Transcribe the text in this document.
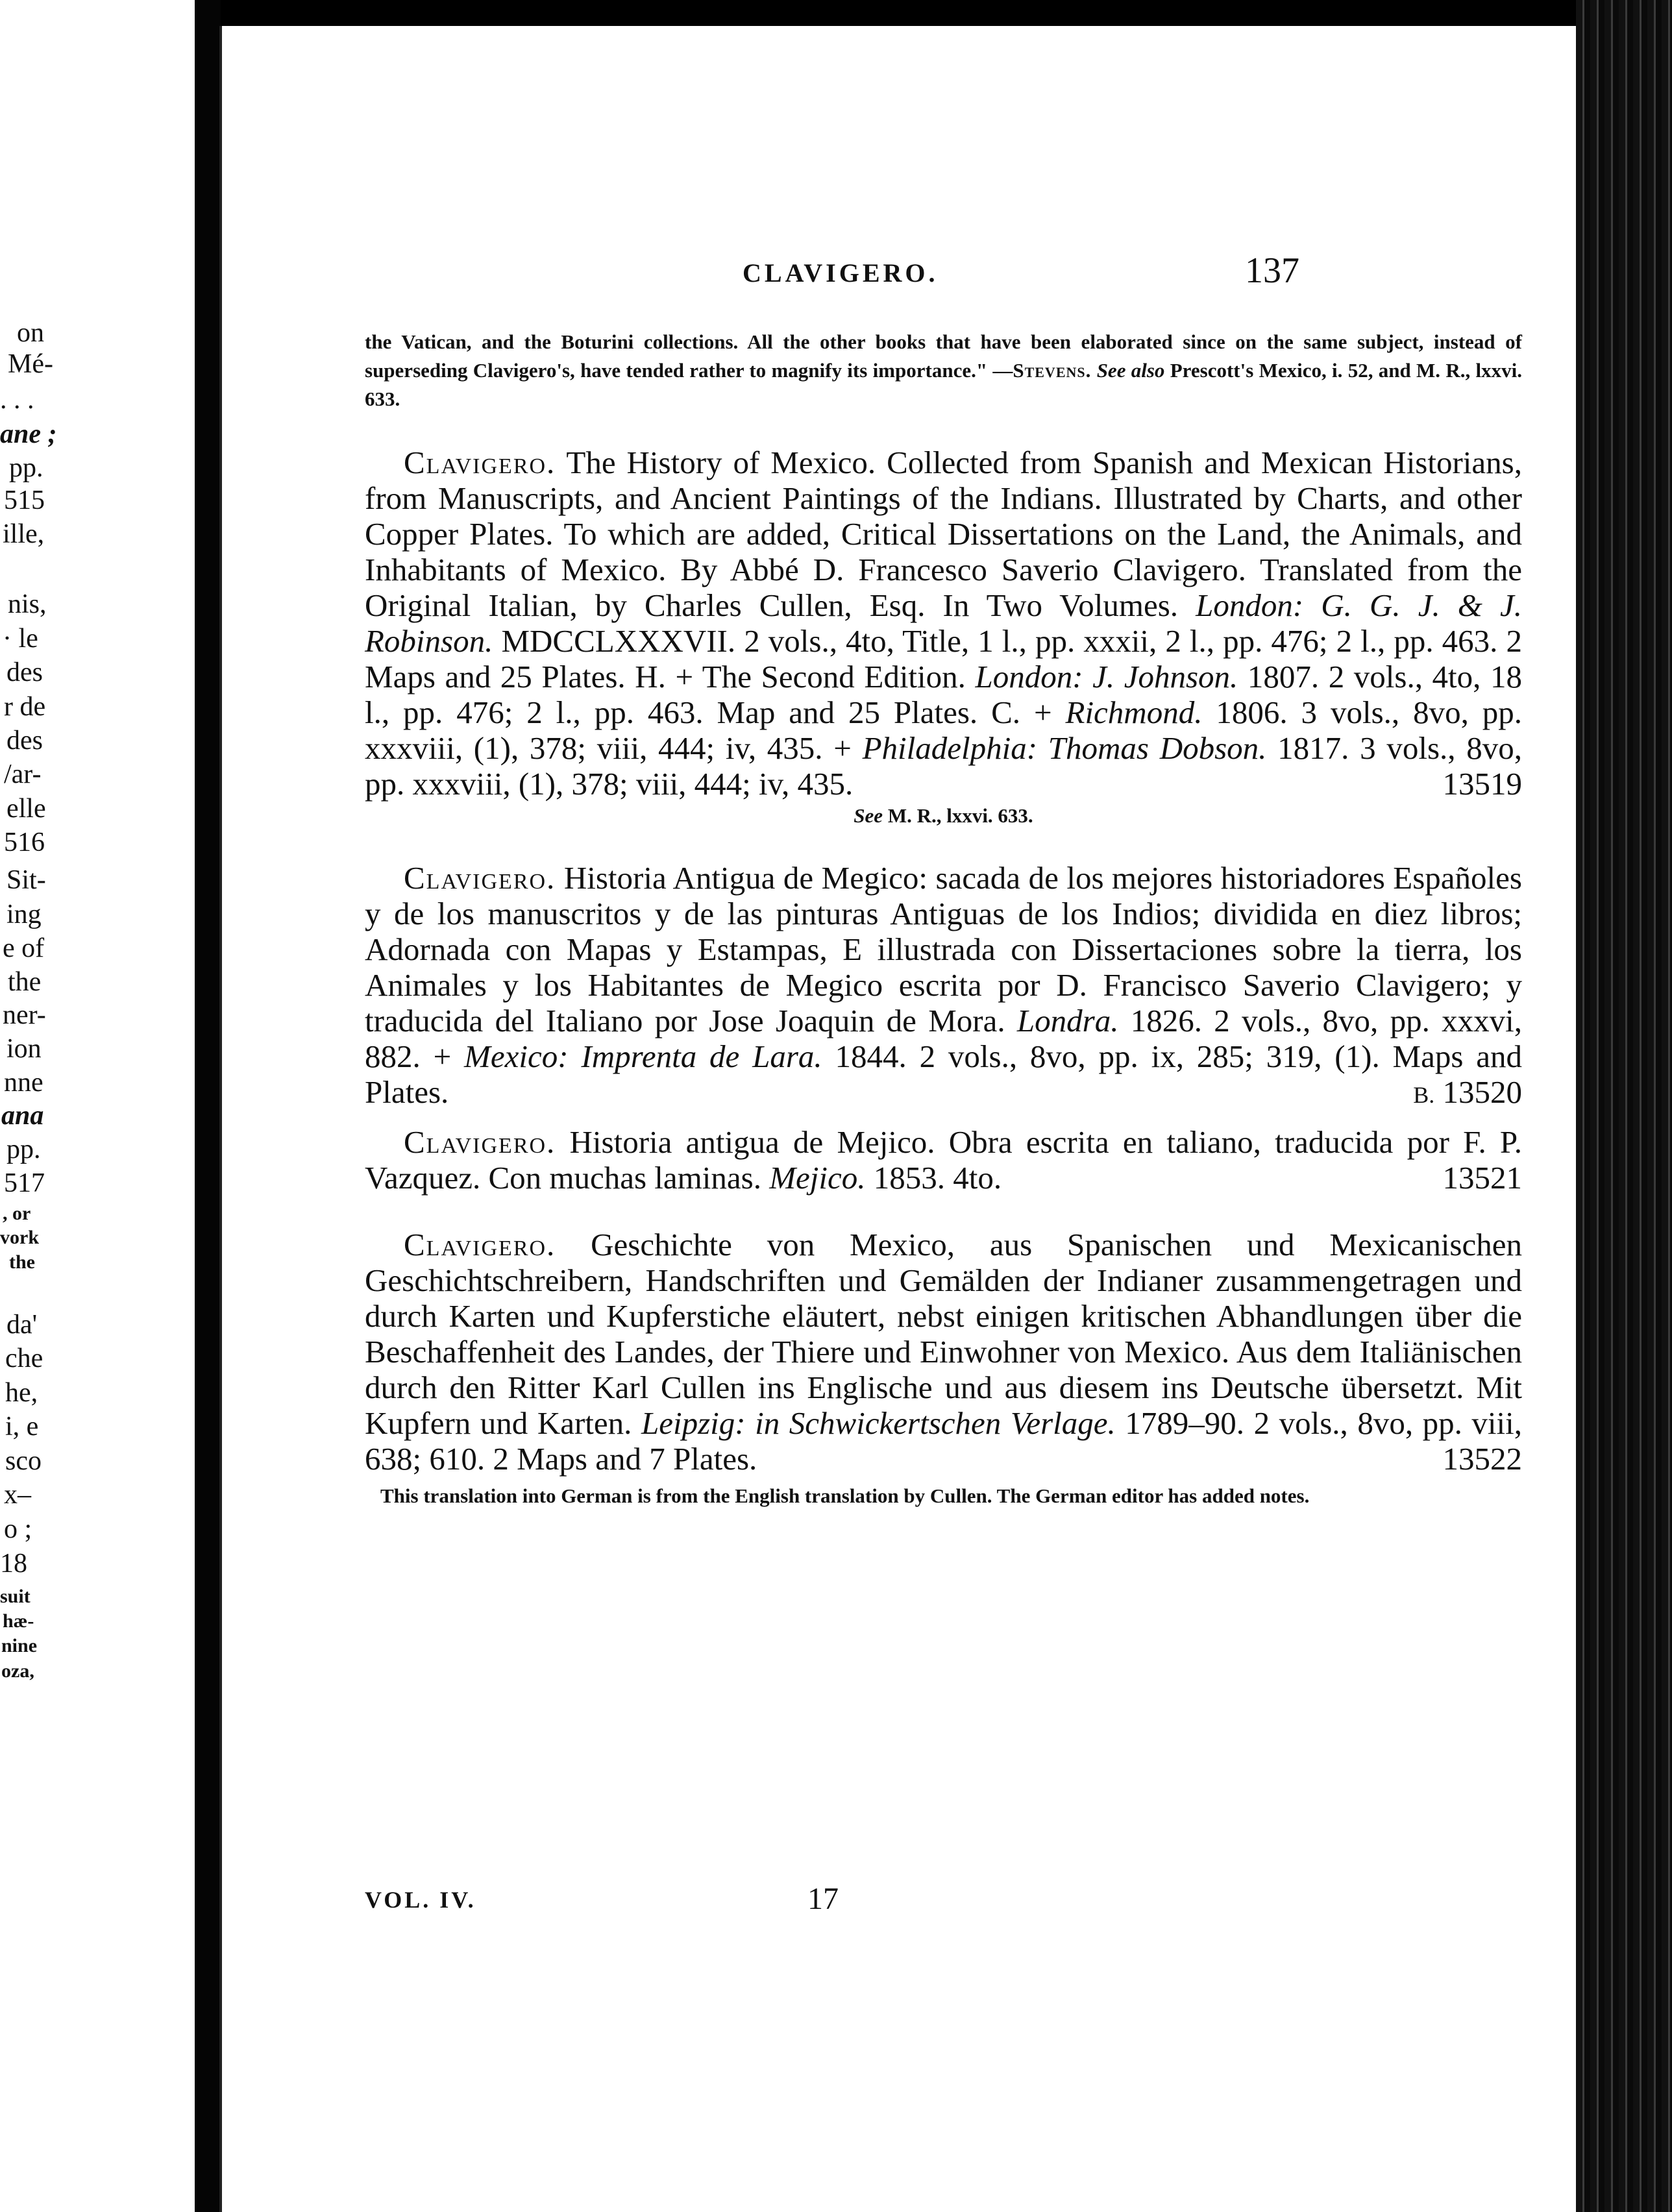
on
Mé-
. . .
ane ;
pp.
515
ille,
nis,
· le
des
r de
des
/ar-
elle
516
Sit-
ing
e of
the
ner-
ion
nne
ana
pp.
517
, or
vork
the
da'
che
he,
i, e
sco
x–
o ;
18
suit
hæ-
nine
oza,
CLAVIGERO.	137

the Vatican, and the Boturini collections. All the other books that have been elaborated since on the same subject, instead of superseding Clavigero's, have tended rather to magnify its importance." —Stevens. See also Prescott's Mexico, i. 52, and M. R., lxxvi. 633.

Clavigero. The History of Mexico. Collected from Spanish and Mexican Historians, from Manuscripts, and Ancient Paintings of the Indians. Illustrated by Charts, and other Copper Plates. To which are added, Critical Dissertations on the Land, the Animals, and Inhabitants of Mexico. By Abbé D. Francesco Saverio Clavigero. Translated from the Original Italian, by Charles Cullen, Esq. In Two Volumes. London: G. G. J. & J. Robinson. MDCCLXXXVII. 2 vols., 4to, Title, 1 l., pp. xxxii, 2 l., pp. 476; 2 l., pp. 463. 2 Maps and 25 Plates. H. + The Second Edition. London: J. Johnson. 1807. 2 vols., 4to, 18 l., pp. 476; 2 l., pp. 463. Map and 25 Plates. C. + Richmond. 1806. 3 vols., 8vo, pp. xxxviii, (1), 378; viii, 444; iv, 435. + Philadelphia: Thomas Dobson. 1817. 3 vols., 8vo, pp. xxxviii, (1), 378; viii, 444; iv, 435.	13519

See M. R., lxxvi. 633.

Clavigero. Historia Antigua de Megico: sacada de los mejores historiadores Españoles y de los manuscritos y de las pinturas Antiguas de los Indios; dividida en diez libros; Adornada con Mapas y Estampas, E illustrada con Dissertaciones sobre la tierra, los Animales y los Habitantes de Megico escrita por D. Francisco Saverio Clavigero; y traducida del Italiano por Jose Joaquin de Mora. Londra. 1826. 2 vols., 8vo, pp. xxxvi, 882. + Mexico: Imprenta de Lara. 1844. 2 vols., 8vo, pp. ix, 285; 319, (1). Maps and Plates.	B. 13520

Clavigero. Historia antigua de Mejico. Obra escrita en taliano, traducida por F. P. Vazquez. Con muchas laminas. Mejico. 1853. 4to.	13521

Clavigero. Geschichte von Mexico, aus Spanischen und Mexicanischen Geschichtschreibern, Handschriften und Gemälden der Indianer zusammengetragen und durch Karten und Kupferstiche eläutert, nebst einigen kritischen Abhandlungen über die Beschaffenheit des Landes, der Thiere und Einwohner von Mexico. Aus dem Italiänischen durch den Ritter Karl Cullen ins Englische und aus diesem ins Deutsche übersetzt. Mit Kupfern und Karten. Leipzig: in Schwickertschen Verlage. 1789–90. 2 vols., 8vo, pp. viii, 638; 610. 2 Maps and 7 Plates.	13522

This translation into German is from the English translation by Cullen. The German editor has added notes.

VOL. IV.	17
